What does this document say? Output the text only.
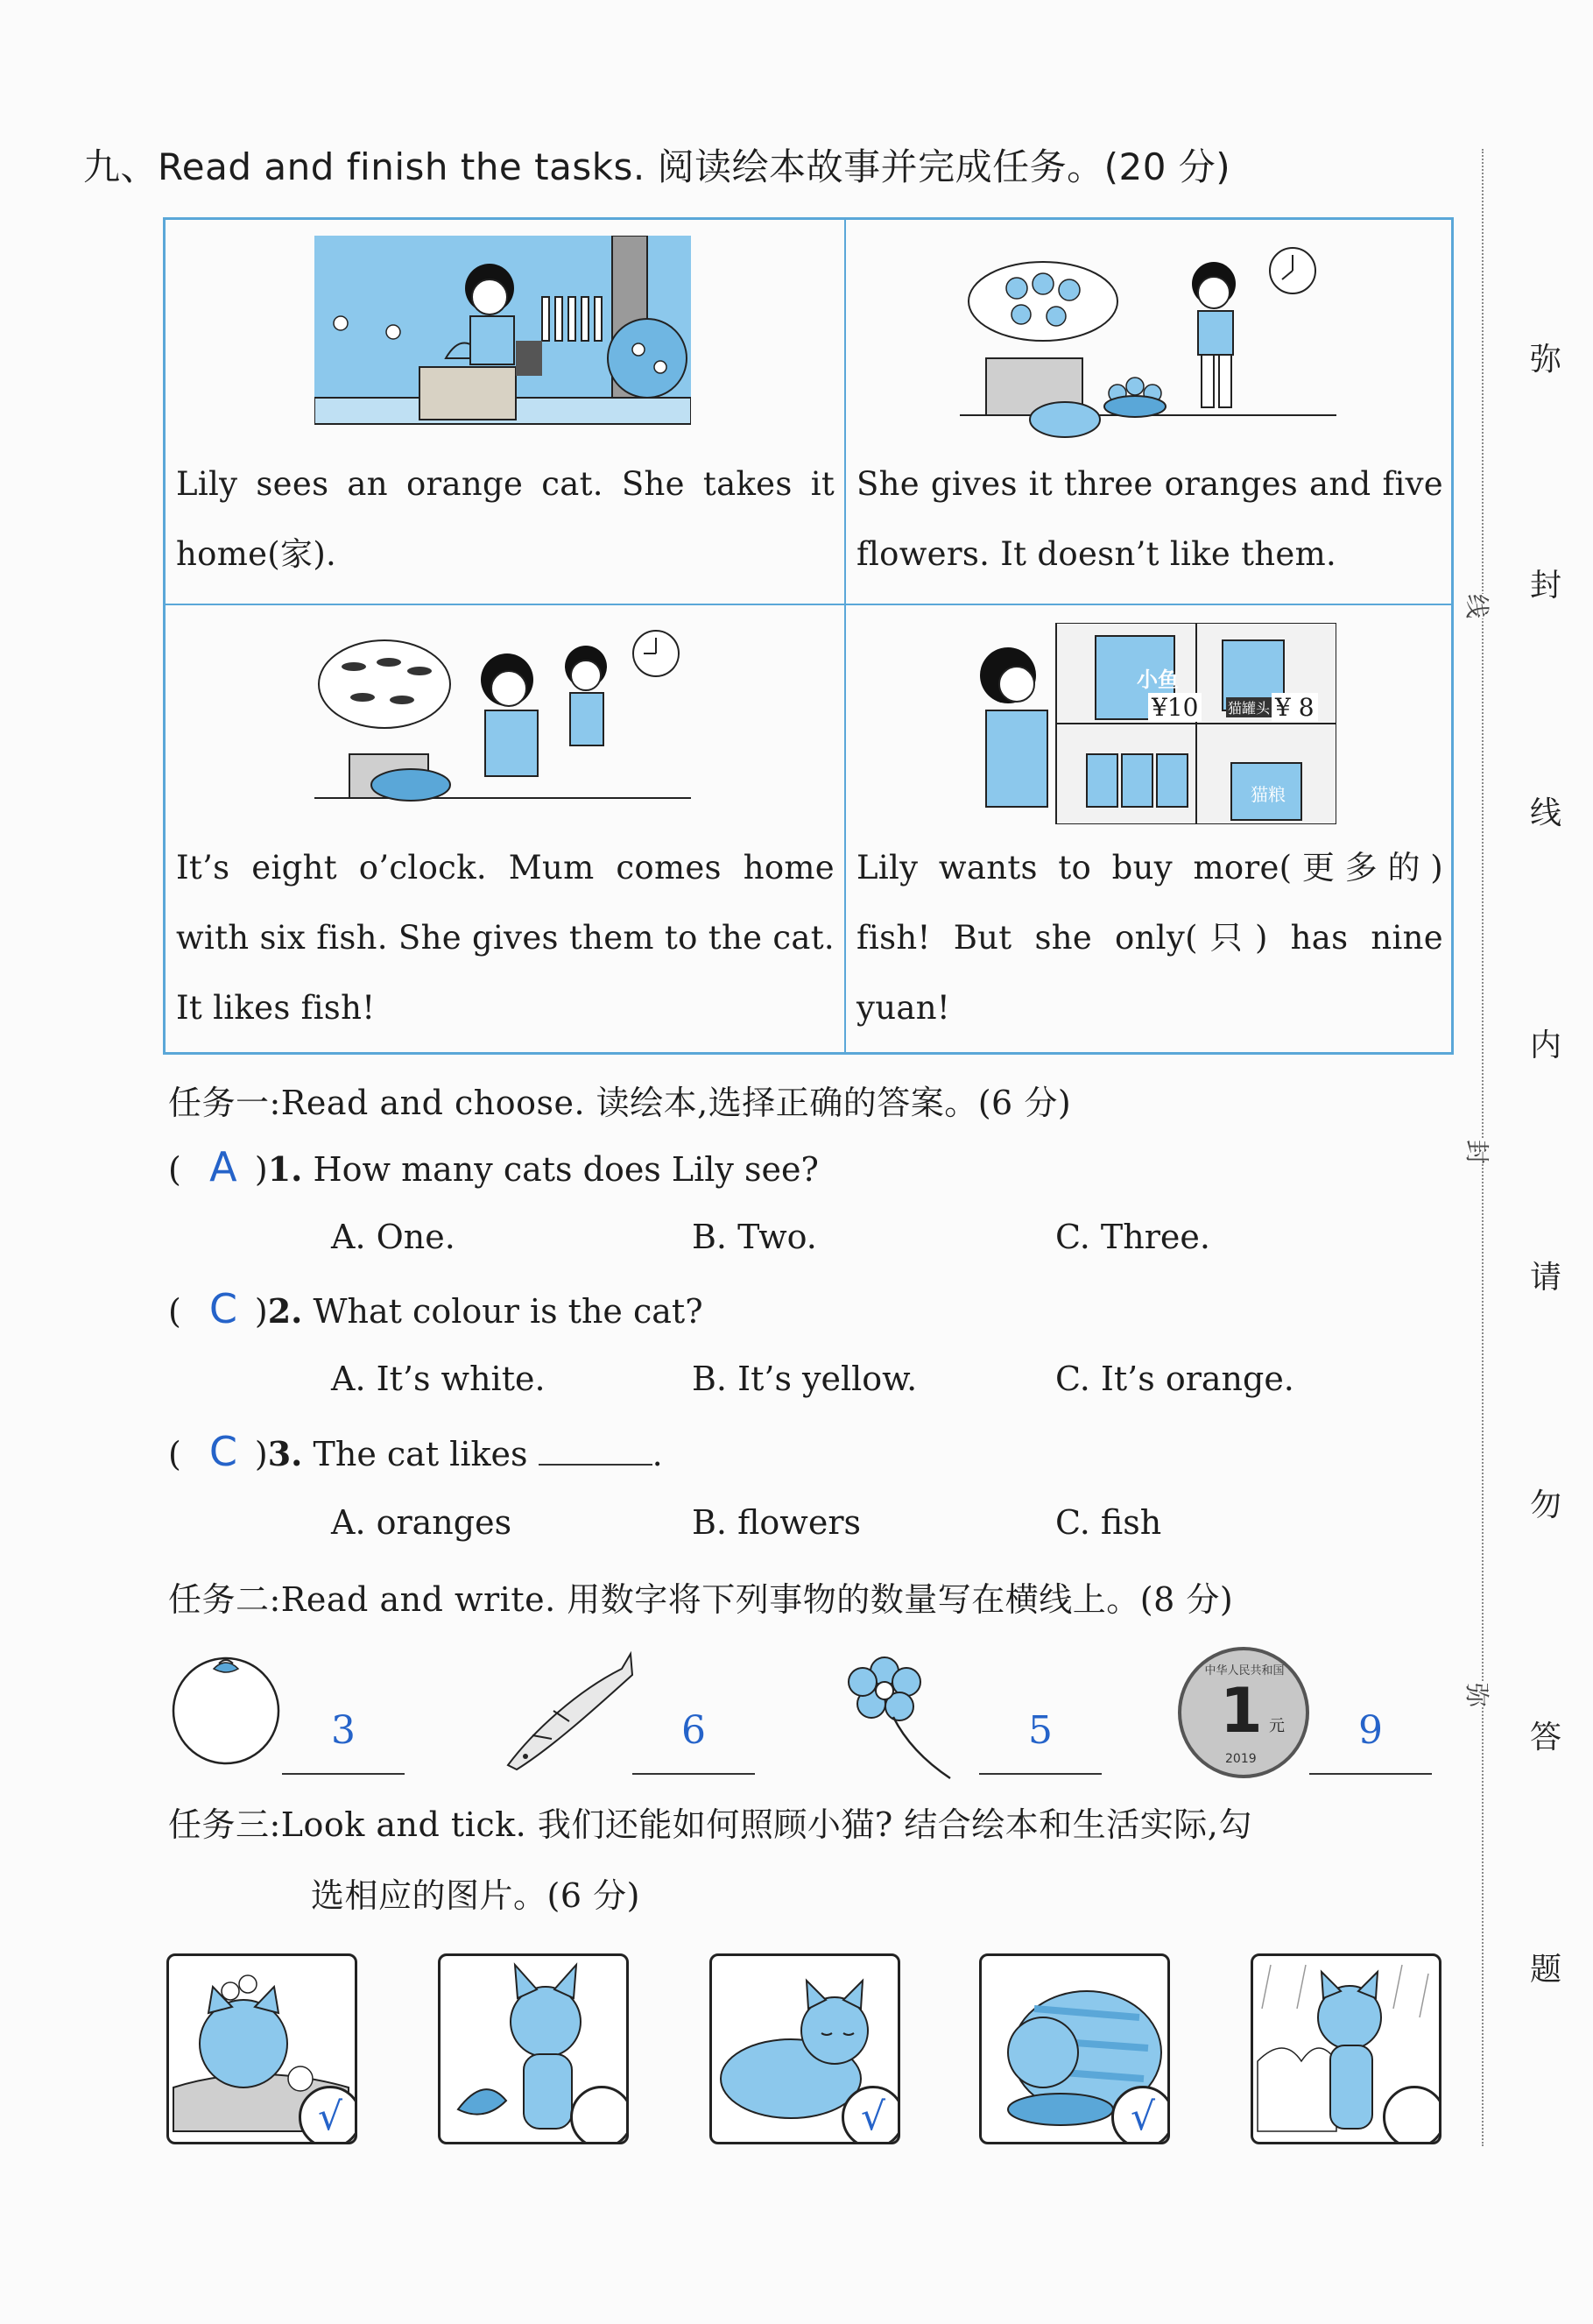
九、Read and finish the tasks. 阅读绘本故事并完成任务。(20 分)
Lily sees an orange cat. She takes it home(家).
She gives it three oranges and five flowers. It doesn’t like them.
It’s eight o’clock. Mum comes home with six fish. She gives them to the cat. It likes fish!
小鱼
¥10 猫罐头 ¥ 8
猫粮
Lily wants to buy more(更多的) fish! But she only(只) has nine yuan!
任务一:Read and choose. 读绘本,选择正确的答案。(6 分)
( A )1. How many cats does Lily see?
A. One.	B. Two.	C. Three.
( C )2. What colour is the cat?
A. It’s white.	B. It’s yellow.	C. It’s orange.
( C )3. The cat likes	.
A. oranges	B. flowers	C. fish
任务二:Read and write. 用数字将下列事物的数量写在横线上。(8 分)
3	6	5
中华人民共和国
1 元
2019
9
任务三:Look and tick. 我们还能如何照顾小猫? 结合绘本和生活实际,勾
选相应的图片。(6 分)
√	√	√
线
封
弥
弥
封
线
内
请
勿
答
题
